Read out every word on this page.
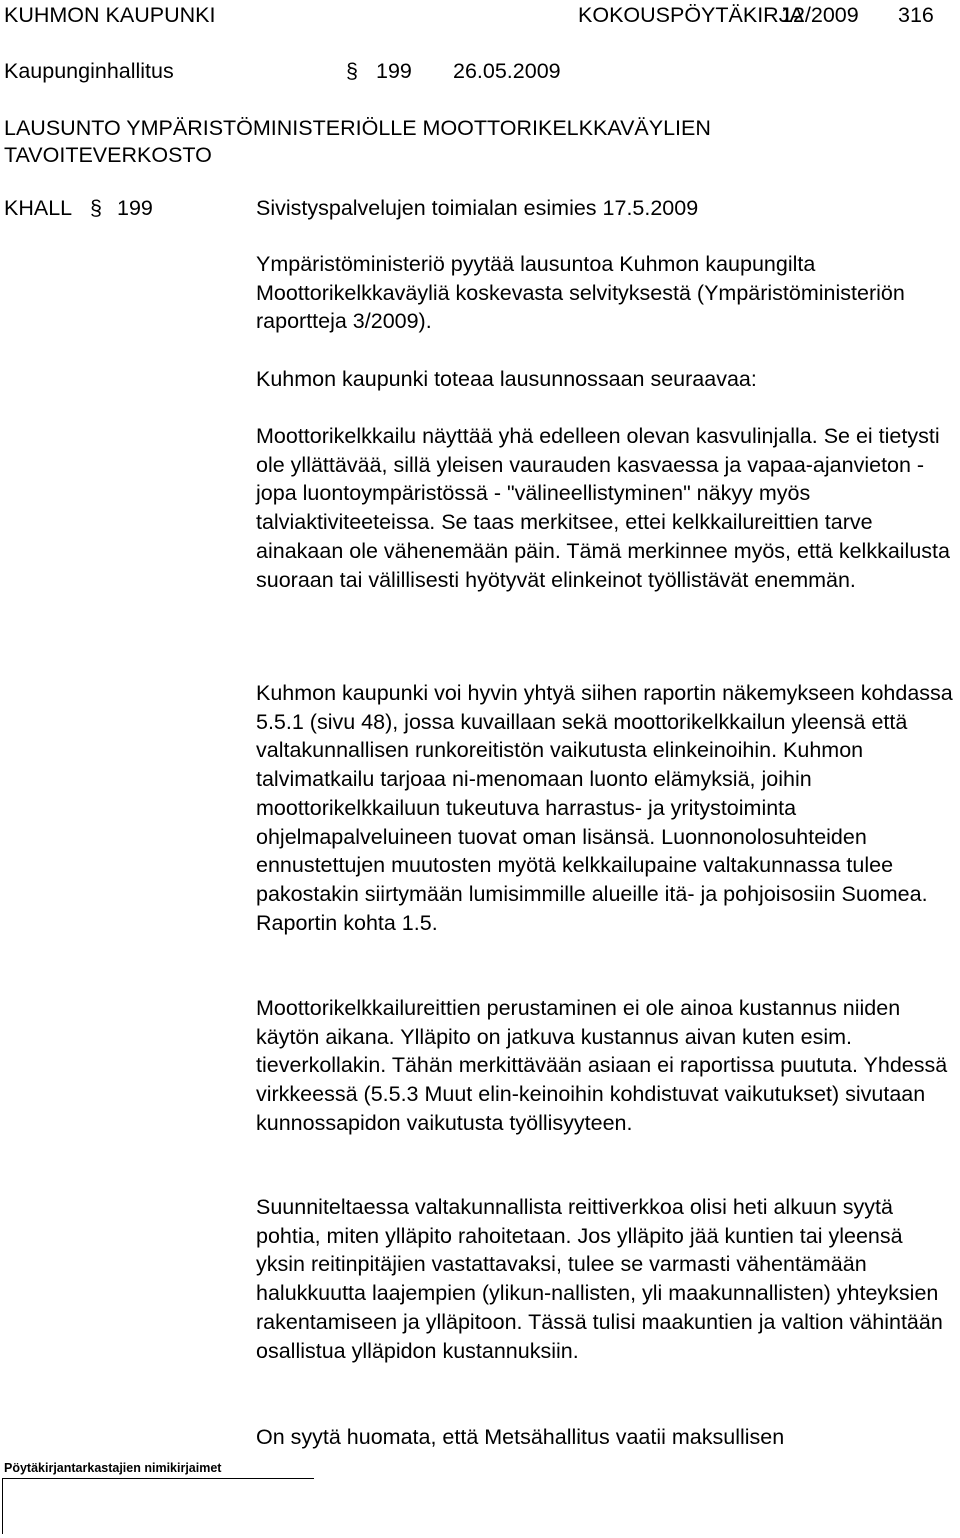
KUHMON KAUPUNKI	KOKOUSPÖYTÄKIRJA
12/2009 316
Kaupunginhallitus	§ 199 26.05.2009
LAUSUNTO YMPÄRISTÖMINISTERIÖLLE MOOTTORIKELKKAVÄYLIEN
TAVOITEVERKOSTO
KHALL § 199	Sivistyspalvelujen toimialan esimies 17.5.2009

Ympäristöministeriö pyytää lausuntoa Kuhmon kaupungilta Moottorikelkkaväyliä koskevasta selvityksestä (Ympäristöministeriön raportteja 3/2009).

Kuhmon kaupunki toteaa lausunnossaan seuraavaa:

Moottorikelkkailu näyttää yhä edelleen olevan kasvulinjalla. Se ei tietysti ole yllättävää, sillä yleisen vaurauden kasvaessa ja vapaa-ajanvieton - jopa luontoympäristössä - "välineellistyminen" näkyy myös talviaktiviteeteissa. Se taas merkitsee, ettei kelkkailureittien tarve ainakaan ole vähenemään päin. Tämä merkinnee myös, että kelkkailusta suoraan tai välillisesti hyötyvät elinkeinot työllistävät enemmän.

Kuhmon kaupunki voi hyvin yhtyä siihen raportin näkemykseen kohdassa 5.5.1 (sivu 48), jossa kuvaillaan sekä moottorikelkkailun yleensä että valtakunnallisen runkoreitistön vaikutusta elinkeinoihin. Kuhmon talvimatkailu tarjoaa ni-menomaan luonto elämyksiä, joihin moottorikelkkailuun tukeutuva harrastus- ja yritystoiminta ohjelmapalveluineen tuovat oman lisänsä. Luonnonolosuhteiden ennustettujen muutosten myötä kelkkailupaine valtakunnassa tulee pakostakin siirtymään lumisimmille alueille itä- ja pohjoisosiin Suomea. Raportin kohta 1.5.

Moottorikelkkailureittien perustaminen ei ole ainoa kustannus niiden käytön aikana. Ylläpito on jatkuva kustannus aivan kuten esim. tieverkollakin. Tähän merkittävään asiaan ei raportissa puututa. Yhdessä virkkeessä (5.5.3 Muut elin-keinoihin kohdistuvat vaikutukset) sivutaan kunnossapidon vaikutusta työllisyyteen.

Suunniteltaessa valtakunnallista reittiverkkoa olisi heti alkuun syytä pohtia, miten ylläpito rahoitetaan. Jos ylläpito jää kuntien tai yleensä yksin reitinpitäjien vastattavaksi, tulee se varmasti vähentämään halukkuutta laajempien (ylikun-nallisten, yli maakunnallisten) yhteyksien rakentamiseen ja ylläpitoon. Tässä tulisi maakuntien ja valtion vähintään osallistua ylläpidon kustannuksiin.

On syytä huomata, että Metsähallitus vaatii maksullisen

Pöytäkirjantarkastajien nimikirjaimet
